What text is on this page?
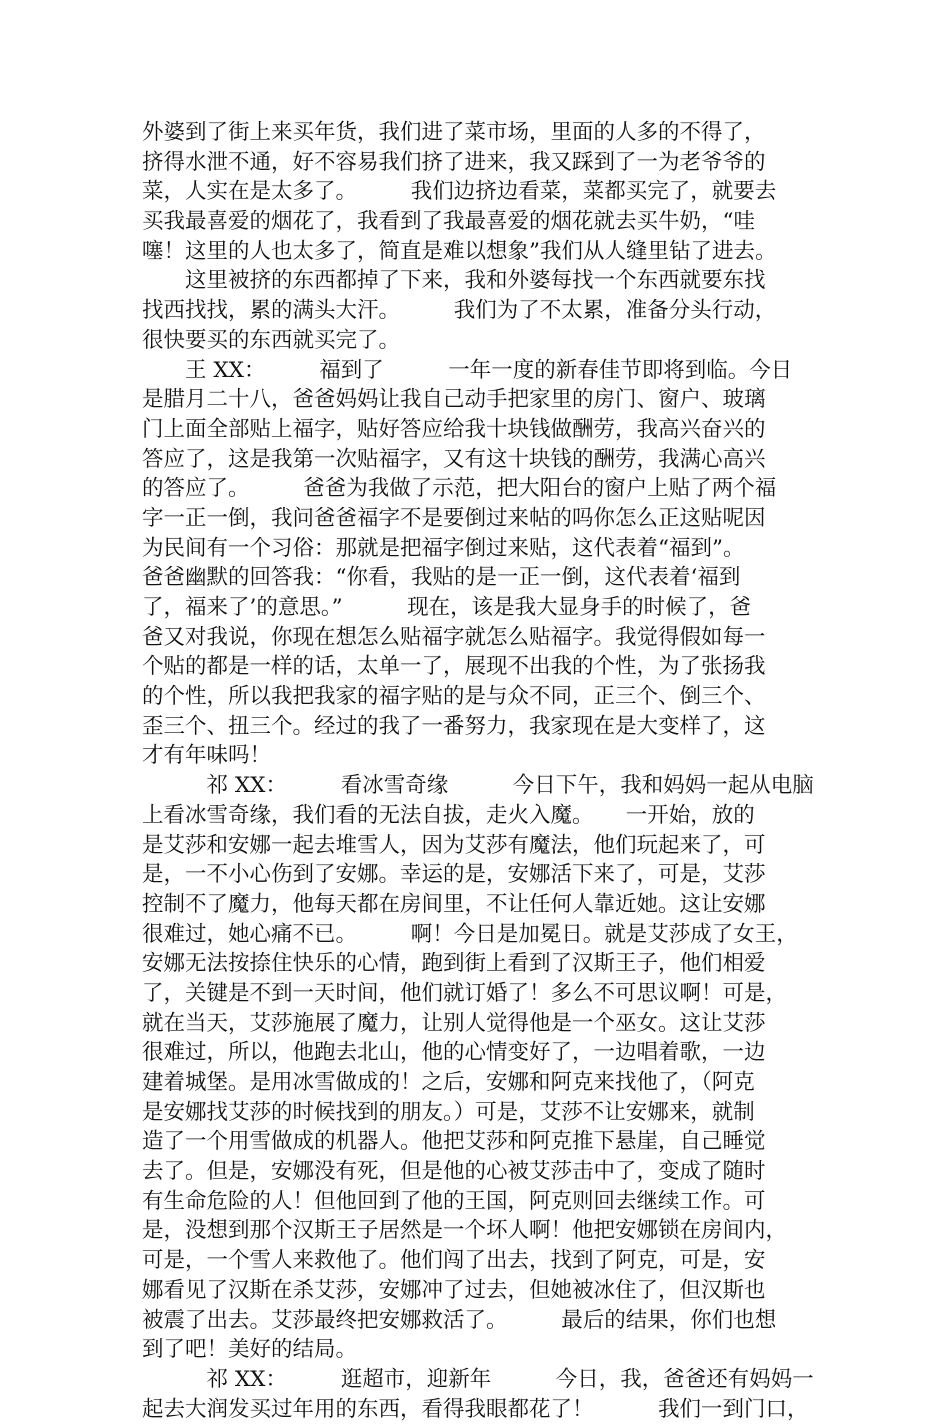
外婆到了街上来买年货，我们进了菜市场，里面的人多的不得了，
挤得水泄不通，好不容易我们挤了进来，我又踩到了一为老爷爷的
菜，人实在是太多了。　　　我们边挤边看菜，菜都买完了，就要去
买我最喜爱的烟花了，我看到了我最喜爱的烟花就去买牛奶，“哇
噻！这里的人也太多了，简直是难以想象”我们从人缝里钻了进去。
　　这里被挤的东西都掉了下来，我和外婆每找一个东西就要东找
找西找找，累的满头大汗。　　　我们为了不太累，准备分头行动，
很快要买的东西就买完了。
　　王 XX：　　　福到了　　　一年一度的新春佳节即将到临。今日
是腊月二十八，爸爸妈妈让我自己动手把家里的房门、窗户、玻璃
门上面全部贴上福字，贴好答应给我十块钱做酬劳，我高兴奋兴的
答应了，这是我第一次贴福字，又有这十块钱的酬劳，我满心高兴
的答应了。　　　爸爸为我做了示范，把大阳台的窗户上贴了两个福
字一正一倒，我问爸爸福字不是要倒过来帖的吗你怎么正这贴呢因
为民间有一个习俗：那就是把福字倒过来贴，这代表着“福到”。
爸爸幽默的回答我：“你看，我贴的是一正一倒，这代表着‘福到
了，福来了’的意思。”　　　现在，该是我大显身手的时候了，爸
爸又对我说，你现在想怎么贴福字就怎么贴福字。我觉得假如每一
个贴的都是一样的话，太单一了，展现不出我的个性，为了张扬我
的个性，所以我把我家的福字贴的是与众不同，正三个、倒三个、
歪三个、扭三个。经过的我了一番努力，我家现在是大变样了，这
才有年味吗！
　　　祁 XX：　　　看冰雪奇缘　　　今日下午，我和妈妈一起从电脑
上看冰雪奇缘，我们看的无法自拔，走火入魔。　　一开始，放的
是艾莎和安娜一起去堆雪人，因为艾莎有魔法，他们玩起来了，可
是，一不小心伤到了安娜。幸运的是，安娜活下来了，可是，艾莎
控制不了魔力，他每天都在房间里，不让任何人靠近她。这让安娜
很难过，她心痛不已。　　　啊！今日是加冕日。就是艾莎成了女王，
安娜无法按捺住快乐的心情，跑到街上看到了汉斯王子，他们相爱
了，关键是不到一天时间，他们就订婚了！多么不可思议啊！可是，
就在当天，艾莎施展了魔力，让别人觉得他是一个巫女。这让艾莎
很难过，所以，他跑去北山，他的心情变好了，一边唱着歌，一边
建着城堡。是用冰雪做成的！之后，安娜和阿克来找他了，（阿克
是安娜找艾莎的时候找到的朋友。）可是，艾莎不让安娜来，就制
造了一个用雪做成的机器人。他把艾莎和阿克推下悬崖，自己睡觉
去了。但是，安娜没有死，但是他的心被艾莎击中了，变成了随时
有生命危险的人！但他回到了他的王国，阿克则回去继续工作。可
是，没想到那个汉斯王子居然是一个坏人啊！他把安娜锁在房间内，
可是，一个雪人来救他了。他们闯了出去，找到了阿克，可是，安
娜看见了汉斯在杀艾莎，安娜冲了过去，但她被冰住了，但汉斯也
被震了出去。艾莎最终把安娜救活了。　　　最后的结果，你们也想
到了吧！美好的结局。
　　　祁 XX：　　　逛超市，迎新年　　　今日，我，爸爸还有妈妈一
起去大润发买过年用的东西，看得我眼都花了！　　　我们一到门口，
